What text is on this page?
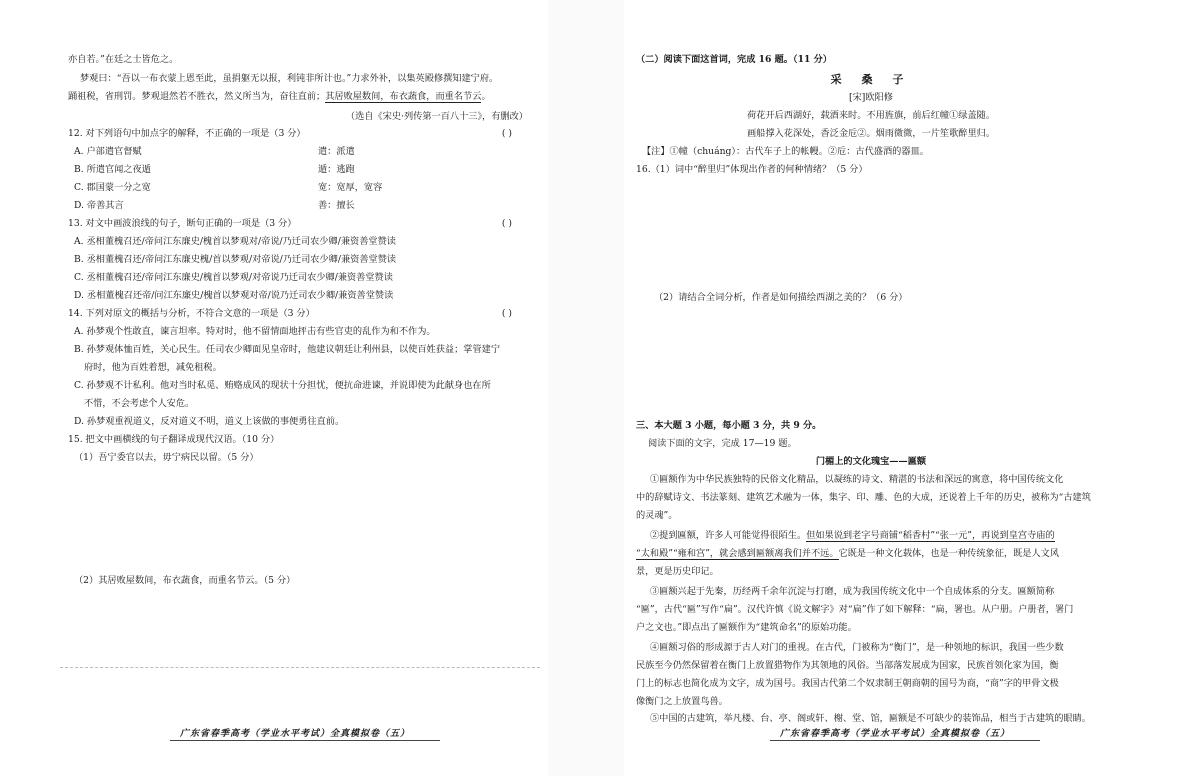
亦自若。”在廷之士皆危之。
梦观曰：“吾以一布衣蒙上恩至此，虽捐躯无以报，利钝非所计也。”力求外补，以集英殿修撰知建宁府。
踊祖税，省刑罚。梦观退然若不胜衣，然义所当为，奋往直前；其居败屋数间，布衣蔬食，而重名节云。
（选自《宋史·列传第一百八十三》，有删改）
12. 对下列语句中加点字的解释，不正确的一项是（3 分）	( )
A. 户部遣官督赋	遣：派遣
B. 所遣官闻之夜遁	遁：逃跑
C. 郡国蒙一分之宽	宽：宽厚，宽容
D. 帝善其言	善：擅长
13. 对文中画波浪线的句子，断句正确的一项是（3 分）	( )
A. 丞相董槐召还/帝问江东廉史/槐首以梦观对/帝说/乃迁司农少卿/兼资善堂赞读
B. 丞相董槐召还/帝问江东廉史槐/首以梦观/对帝说/乃迁司农少卿/兼资善堂赞读
C. 丞相董槐召还/帝问江东廉史/槐首以梦观/对帝说乃迁司农少卿/兼资善堂赞读
D. 丞相董槐召还帝/问江东廉史/槐首以梦观对帝/说乃迁司农少卿/兼资善堂赞读
14. 下列对原文的概括与分析，不符合文意的一项是（3 分）	( )
A. 孙梦观个性敢直，谏言坦率。特对时，他不留情面地抨击有些官吏的乱作为和不作为。
B. 孙梦观体恤百姓，关心民生。任司农少卿面见皇帝时，他建议朝廷让利州县，以使百姓获益；掌管建宁
府时，他为百姓着想，减免租税。
C. 孙梦观不计私利。他对当时私觅、贿赂成风的现状十分担忧，便抗命进谏，并说即使为此献身也在所
不惜，不会考虑个人安危。
D. 孙梦观重视道义，反对道义不明，道义上该做的事便勇往直前。
15. 把文中画横线的句子翻译成现代汉语。（10 分）
（1）吾宁委官以去，毋宁病民以留。（5 分）
（2）其居败屋数间，布衣蔬食，而重名节云。（5 分）
广东省春季高考（学业水平考试）全真模拟卷（五）
（二）阅读下面这首词，完成 16 题。（11 分）
采 桑 子
[宋]欧阳修
荷花开后西湖好，载酒来时。不用旌旗，前后红幢①绿盖随。
画船撑入花深处，香泛金卮②。烟雨微微，一片笙歌醉里归。
【注】①幢（chuáng）：古代车子上的帐幔。②卮：古代盛酒的器皿。
16.（1）词中“醉里归”体现出作者的何种情绪？（5 分）
（2）请结合全词分析，作者是如何描绘西湖之美的？（6 分）
三、本大题 3 小题，每小题 3 分，共 9 分。
阅读下面的文字，完成 17—19 题。
门楣上的文化瑰宝——匾额
①匾额作为中华民族独特的民俗文化精品，以凝练的诗文、精湛的书法和深远的寓意，将中国传统文化
中的辞赋诗文、书法篆刻、建筑艺术融为一体，集字、印、雕、色的大成，还说着上千年的历史，被称为“古建筑
的灵魂”。
②提到匾额，许多人可能觉得很陌生。但如果说到老字号商铺“稻香村”“张一元”，再说到皇宫寺庙的
“太和殿”“雍和宫”，就会感到匾额离我们并不远。它既是一种文化载体，也是一种传统象征，既是人文风
景，更是历史印记。
③匾额兴起于先秦，历经两千余年沉淀与打磨，成为我国传统文化中一个自成体系的分支。匾额简称
“匾”，古代“匾”写作“扁”。汉代许慎《说文解字》对“扁”作了如下解释：“扁，署也。从户册。户册者，署门
户之文也。”即点出了匾额作为“建筑命名”的原始功能。
④匾额习俗的形成源于古人对门的重视。在古代，门被称为“衡门”，是一种领地的标识，我国一些少数
民族至今仍然保留着在衡门上放置猎物作为其领地的风俗。当部落发展成为国家，民族首领化家为国，衡
门上的标志也简化成为文字，成为国号。我国古代第二个奴隶制王朝商朝的国号为商，“商”字的甲骨文极
像衡门之上放置鸟兽。
⑤中国的古建筑，举凡楼、台、亭、阁或轩、榭、堂、馆，匾额是不可缺少的装饰品，相当于古建筑的眼睛。
广东省春季高考（学业水平考试）全真模拟卷（五）
